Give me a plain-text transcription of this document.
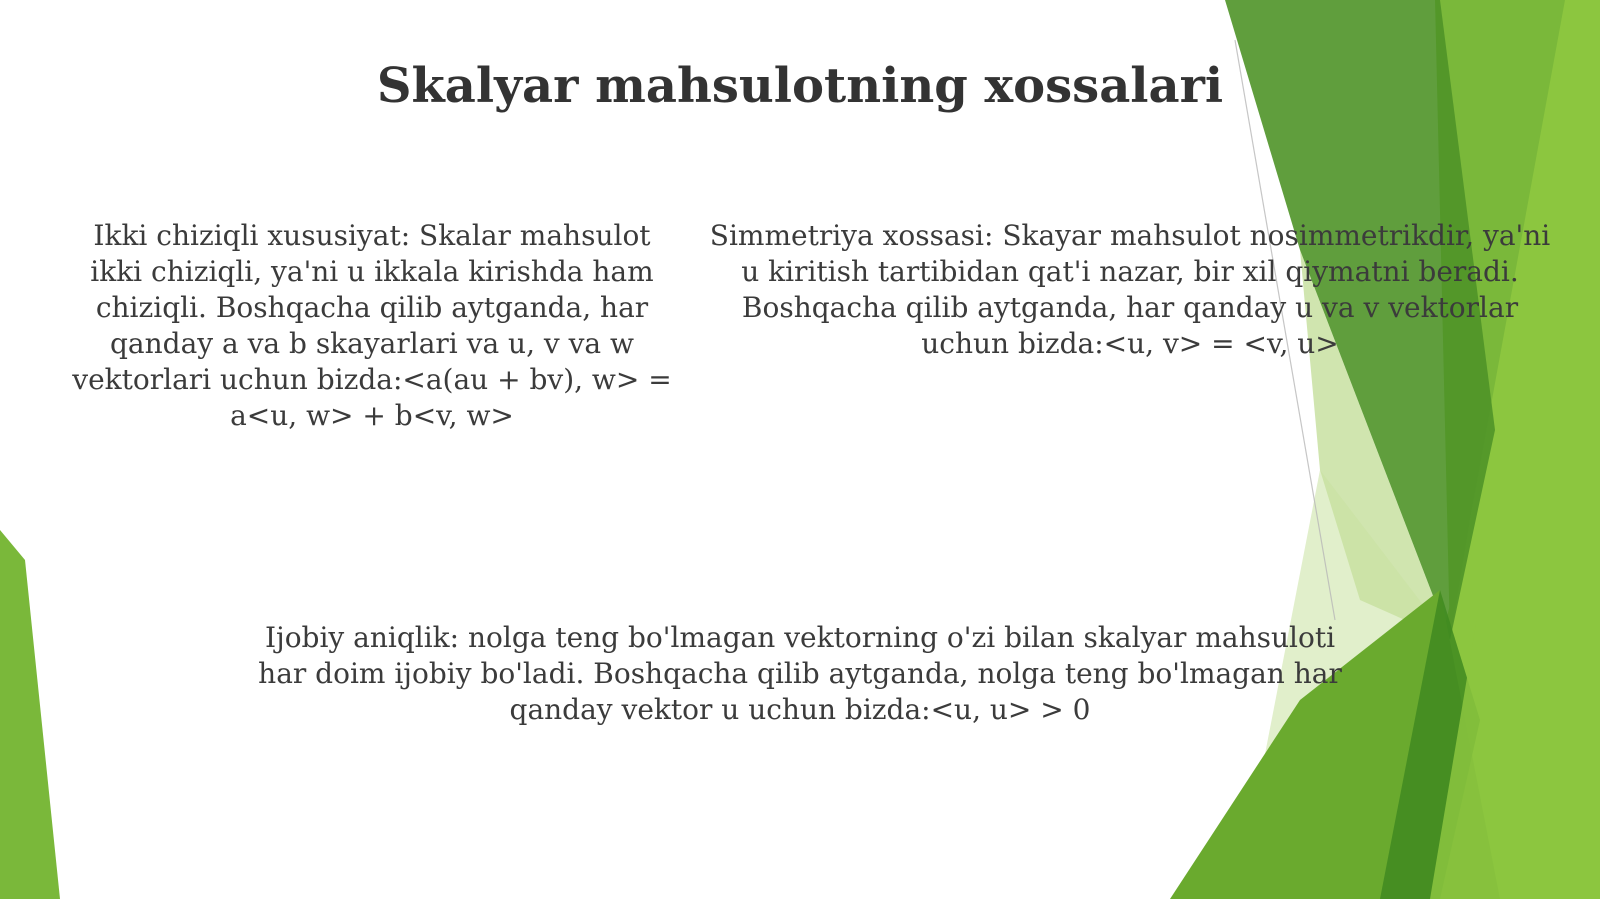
Skalyar mahsulotning xossalari

Ikki chiziqli xususiyat: Skalar mahsulot ikki chiziqli, ya'ni u ikkala kirishda ham chiziqli. Boshqacha qilib aytganda, har qanday a va b skayarlari va u, v va w vektorlari uchun bizda:<a(au + bv), w> = a<u, w> + b<v, w>

Simmetriya xossasi: Skayar mahsulot nosimmetrikdir, ya'ni u kiritish tartibidan qat'i nazar, bir xil qiymatni beradi. Boshqacha qilib aytganda, har qanday u va v vektorlar uchun bizda:<u, v> = <v, u>

Ijobiy aniqlik: nolga teng bo'lmagan vektorning o'zi bilan skalyar mahsuloti har doim ijobiy bo'ladi. Boshqacha qilib aytganda, nolga teng bo'lmagan har qanday vektor u uchun bizda:<u, u> > 0
